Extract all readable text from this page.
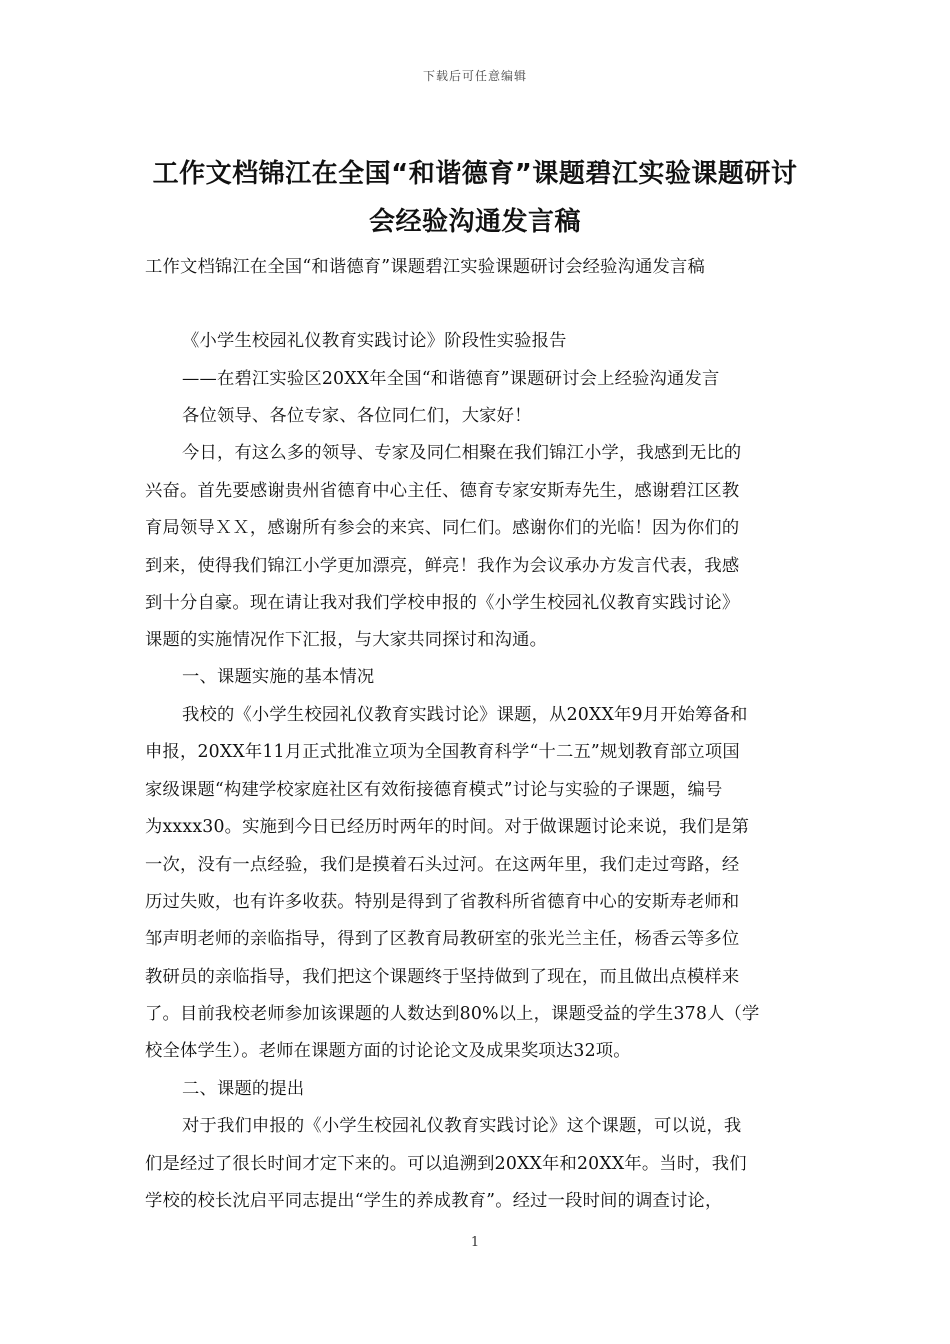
下载后可任意编辑
工作文档锦江在全国“和谐德育”课题碧江实验课题研讨
会经验沟通发言稿
工作文档锦江在全国“和谐德育”课题碧江实验课题研讨会经验沟通发言稿
《小学生校园礼仪教育实践讨论》阶段性实验报告
——在碧江实验区20XX年全国“和谐德育”课题研讨会上经验沟通发言
各位领导、各位专家、各位同仁们，大家好！
今日，有这么多的领导、专家及同仁相聚在我们锦江小学，我感到无比的
兴奋。首先要感谢贵州省德育中心主任、德育专家安斯寿先生，感谢碧江区教
育局领导ＸＸ，感谢所有参会的来宾、同仁们。感谢你们的光临！因为你们的
到来，使得我们锦江小学更加漂亮，鲜亮！我作为会议承办方发言代表，我感
到十分自豪。现在请让我对我们学校申报的《小学生校园礼仪教育实践讨论》
课题的实施情况作下汇报，与大家共同探讨和沟通。
一、课题实施的基本情况
我校的《小学生校园礼仪教育实践讨论》课题，从20XX年9月开始筹备和
申报，20XX年11月正式批准立项为全国教育科学“十二五”规划教育部立项国
家级课题“构建学校家庭社区有效衔接德育模式”讨论与实验的子课题，编号
为xxxx30。实施到今日已经历时两年的时间。对于做课题讨论来说，我们是第
一次，没有一点经验，我们是摸着石头过河。在这两年里，我们走过弯路，经
历过失败，也有许多收获。特别是得到了省教科所省德育中心的安斯寿老师和
邹声明老师的亲临指导，得到了区教育局教研室的张光兰主任，杨香云等多位
教研员的亲临指导，我们把这个课题终于坚持做到了现在，而且做出点模样来
了。目前我校老师参加该课题的人数达到80%以上，课题受益的学生378人（学
校全体学生）。老师在课题方面的讨论论文及成果奖项达32项。
二、课题的提出
对于我们申报的《小学生校园礼仪教育实践讨论》这个课题，可以说，我
们是经过了很长时间才定下来的。可以追溯到20XX年和20XX年。当时，我们
学校的校长沈启平同志提出“学生的养成教育”。经过一段时间的调查讨论，
1
